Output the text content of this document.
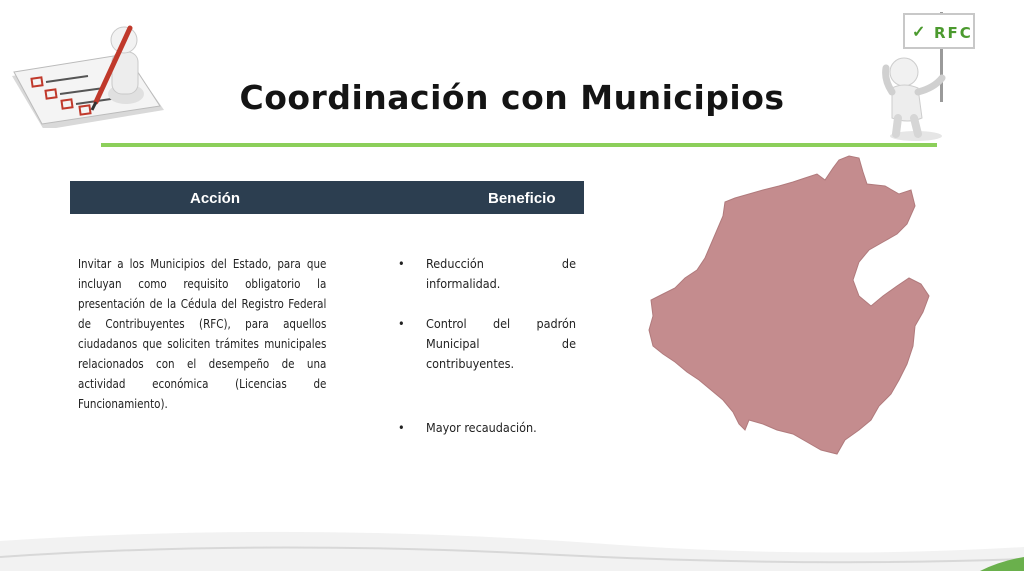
✓ RFC
Coordinación con Municipios
Acción	Beneficio
Invitar a los Municipios del Estado, para que incluyan como requisito obligatorio la presentación de la Cédula del Registro Federal de Contribuyentes (RFC), para aquellos ciudadanos que soliciten trámites municipales relacionados con el desempeño de una actividad económica (Licencias de Funcionamiento).
• Reducción de informalidad.
• Control del padrón Municipal de contribuyentes.
• Mayor recaudación.
